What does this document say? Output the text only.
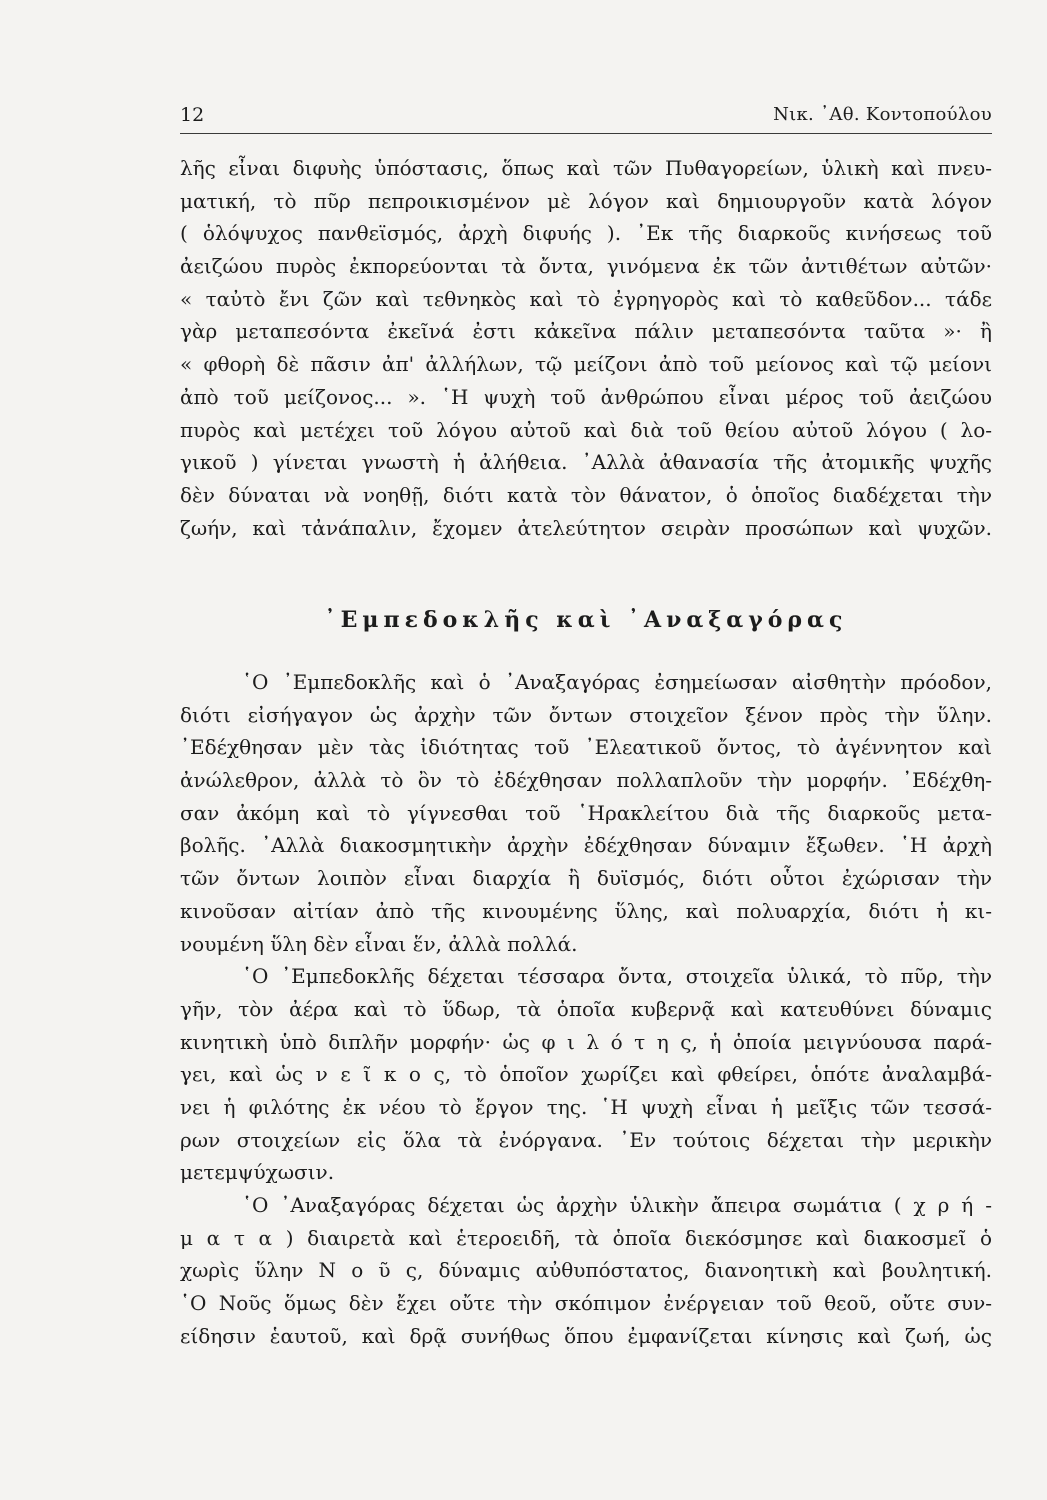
12	Νικ. ᾿Αθ. Κοντοπούλου
λῆς εἶναι διφυὴς ὑπόστασις, ὅπως καὶ τῶν Πυθαγορείων, ὑλικὴ καὶ πνευ-
ματική, τὸ πῦρ πεπροικισμένον μὲ λόγον καὶ δημιουργοῦν κατὰ λόγον
( ὁλόψυχος πανθεϊσμός, ἀρχὴ διφυής ). ᾿Εκ τῆς διαρκοῦς κινήσεως τοῦ
ἀειζώου πυρὸς ἐκπορεύονται τὰ ὄντα, γινόμενα ἐκ τῶν ἀντιθέτων αὐτῶν·
« ταὐτὸ ἔνι ζῶν καὶ τεθνηκὸς καὶ τὸ ἐγρηγορὸς καὶ τὸ καθεῦδον... τάδε
γὰρ μεταπεσόντα ἐκεῖνά ἐστι κἀκεῖνα πάλιν μεταπεσόντα ταῦτα »· ἢ
« φθορὴ δὲ πᾶσιν ἀπ' ἀλλήλων, τῷ μείζονι ἀπὸ τοῦ μείονος καὶ τῷ μείονι
ἀπὸ τοῦ μείζονος... ». ῾Η ψυχὴ τοῦ ἀνθρώπου εἶναι μέρος τοῦ ἀειζώου
πυρὸς καὶ μετέχει τοῦ λόγου αὐτοῦ καὶ διὰ τοῦ θείου αὐτοῦ λόγου ( λο-
γικοῦ ) γίνεται γνωστὴ ἡ ἀλήθεια. ᾿Αλλὰ ἀθανασία τῆς ἀτομικῆς ψυχῆς
δὲν δύναται νὰ νοηθῇ, διότι κατὰ τὸν θάνατον, ὁ ὁποῖος διαδέχεται τὴν
ζωήν, καὶ τἀνάπαλιν, ἔχομεν ἀτελεύτητον σειρὰν προσώπων καὶ ψυχῶν.
᾿Εμπεδοκλῆς καὶ ᾿Αναξαγόρας
῾Ο ᾿Εμπεδοκλῆς καὶ ὁ ᾿Αναξαγόρας ἐσημείωσαν αἰσθητὴν πρόοδον,
διότι εἰσήγαγον ὡς ἀρχὴν τῶν ὄντων στοιχεῖον ξένον πρὸς τὴν ὕλην.
᾿Εδέχθησαν μὲν τὰς ἰδιότητας τοῦ ᾿Ελεατικοῦ ὄντος, τὸ ἀγέννητον καὶ
ἀνώλεθρον, ἀλλὰ τὸ ὂν τὸ ἐδέχθησαν πολλαπλοῦν τὴν μορφήν. ᾿Εδέχθη-
σαν ἀκόμη καὶ τὸ γίγνεσθαι τοῦ ῾Ηρακλείτου διὰ τῆς διαρκοῦς μετα-
βολῆς. ᾿Αλλὰ διακοσμητικὴν ἀρχὴν ἐδέχθησαν δύναμιν ἔξωθεν. ῾Η ἀρχὴ
τῶν ὄντων λοιπὸν εἶναι διαρχία ἢ δυϊσμός, διότι οὗτοι ἐχώρισαν τὴν
κινοῦσαν αἰτίαν ἀπὸ τῆς κινουμένης ὕλης, καὶ πολυαρχία, διότι ἡ κι-
νουμένη ὕλη δὲν εἶναι ἕν, ἀλλὰ πολλά.
῾Ο ᾿Εμπεδοκλῆς δέχεται τέσσαρα ὄντα, στοιχεῖα ὑλικά, τὸ πῦρ, τὴν
γῆν, τὸν ἀέρα καὶ τὸ ὕδωρ, τὰ ὁποῖα κυβερνᾷ καὶ κατευθύνει δύναμις
κινητικὴ ὑπὸ διπλῆν μορφήν· ὡς φ ι λ ό τ η ς, ἡ ὁποία μειγνύουσα παρά-
γει, καὶ ὡς ν ε ῖ κ ο ς, τὸ ὁποῖον χωρίζει καὶ φθείρει, ὁπότε ἀναλαμβά-
νει ἡ φιλότης ἐκ νέου τὸ ἔργον της. ῾Η ψυχὴ εἶναι ἡ μεῖξις τῶν τεσσά-
ρων στοιχείων εἰς ὅλα τὰ ἐνόργανα. ᾿Εν τούτοις δέχεται τὴν μερικὴν
μετεμψύχωσιν.
῾Ο ᾿Αναξαγόρας δέχεται ὡς ἀρχὴν ὑλικὴν ἄπειρα σωμάτια ( χ ρ ή -
μ α τ α ) διαιρετὰ καὶ ἑτεροειδῆ, τὰ ὁποῖα διεκόσμησε καὶ διακοσμεῖ ὁ
χωρὶς ὕλην Ν ο ῦ ς, δύναμις αὐθυπόστατος, διανοητικὴ καὶ βουλητική.
῾Ο Νοῦς ὅμως δὲν ἔχει οὔτε τὴν σκόπιμον ἐνέργειαν τοῦ θεοῦ, οὔτε συν-
είδησιν ἑαυτοῦ, καὶ δρᾷ συνήθως ὅπου ἐμφανίζεται κίνησις καὶ ζωή, ὡς
